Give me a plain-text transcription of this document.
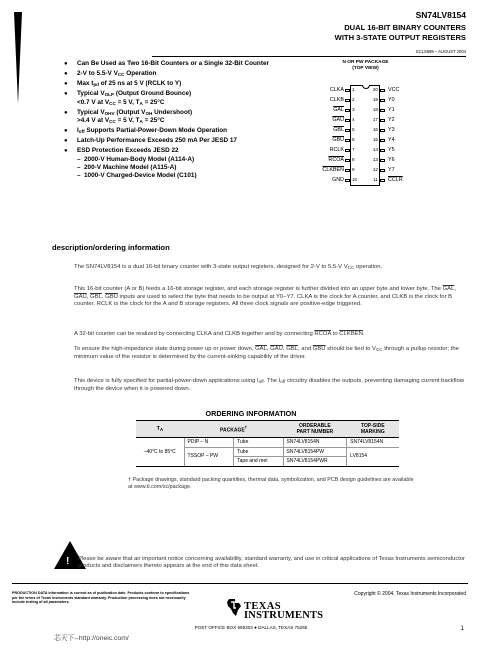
SN74LV8154
DUAL 16-BIT BINARY COUNTERS
WITH 3-STATE OUTPUT REGISTERS
SCLS589 – AUGUST 2004
● Can Be Used as Two 16-Bit Counters or a Single 32-Bit Counter
● 2-V to 5.5-V $V_{CC}$ Operation
● Max $t_{pd}$ of 25 ns at 5 V (RCLK to Y)
● Typical $V_{OLP}$ (Output Ground Bounce)
<0.7 V at $V_{CC} = 5$ V, $T_A = 25^\circ C$
● Typical $V_{OHV}$ (Output $V_{OH}$ Undershoot)
>4.4 V at $V_{CC} = 5$ V, $T_A = 25^\circ C$
● $I_{off}$ Supports Partial-Power-Down Mode Operation
● Latch-Up Performance Exceeds 250 mA Per JESD 17
● ESD Protection Exceeds JESD 22
– 2000-V Human-Body Model (A114-A)
– 200-V Machine Model (A115-A)
– 1000-V Charged-Device Model (C101)
N OR PW PACKAGE
(TOP VIEW)
CLKA 1
CLKB 2
$\overline{GAL}$ 3
$\overline{GAU}$ 4
$\overline{GBL}$ 5
$\overline{GBU}$ 6
RCLK 7
RCOA 8
CLKBEN 9
GND 10
VCC
20
Y0
19
Y1
18
Y2
17
Y3
16
Y4
15
Y5
14
Y6
13
Y7
12
CCLR
11
description/ordering information
The SN74LV8154 is a dual 16-bit binary counter with 3-state output registers, designed for 2-V to 5.5-V $V_{CC}$ operation.
This 16-bit counter (A or B) feeds a 16-bit storage register, and each storage register is further divided into an upper byte and lower byte. The $\overline{GAL}$, $\overline{GAU}$, $\overline{GBL}$, $\overline{GBU}$ inputs are used to select the byte that needs to be output at Y0–Y7. CLKA is the clock for A counter, and CLKB is the clock for B counter. RCLK is the clock for the A and B storage registers. All three clock signals are positive-edge triggered.
A 32-bit counter can be realized by connecting CLKA and CLKB together and by connecting RCOA to CLKBEN.
To ensure the high-impedance state during power up or power down, $\overline{GAL}$, $\overline{GAU}$, $\overline{GBL}$, and $\overline{GBU}$ should be tied to $V_{CC}$ through a pullup resistor; the minimum value of the resistor is determined by the current-sinking capability of the driver.
This device is fully specified for partial-power-down applications using $I_{off}$. The $I_{off}$ circuitry disables the outputs, preventing damaging current backflow through the device when it is powered down.
ORDERING INFORMATION
$T_A$	PACKAGE†		ORDERABLE
PART NUMBER	TOP-SIDE
MARKING
–40°C to 85°C	PDIP – N	Tube	SN74LV8154N	SN74LV8154N
	TSSOP – PW	Tube	SN74LV8154PW	LV8154
		Tape and reel	SN74LV8154PWR	
† Package drawings, standard packing quantities, thermal data, symbolization, and PCB design guidelines are available at www.ti.com/sc/package.
! Please be aware that an important notice concerning availability, standard warranty, and use in critical applications of Texas Instruments semiconductor products and disclaimers thereto appears at the end of this data sheet.
PRODUCTION DATA information is current as of publication date. Products conform to specifications per the terms of Texas Instruments standard warranty. Production processing does not necessarily include testing of all parameters.
Copyright © 2004, Texas Instruments Incorporated
TEXAS
INSTRUMENTS
POST OFFICE BOX 655303 ● DALLAS, TEXAS 75265	1
芯天下--http://oneic.com/
